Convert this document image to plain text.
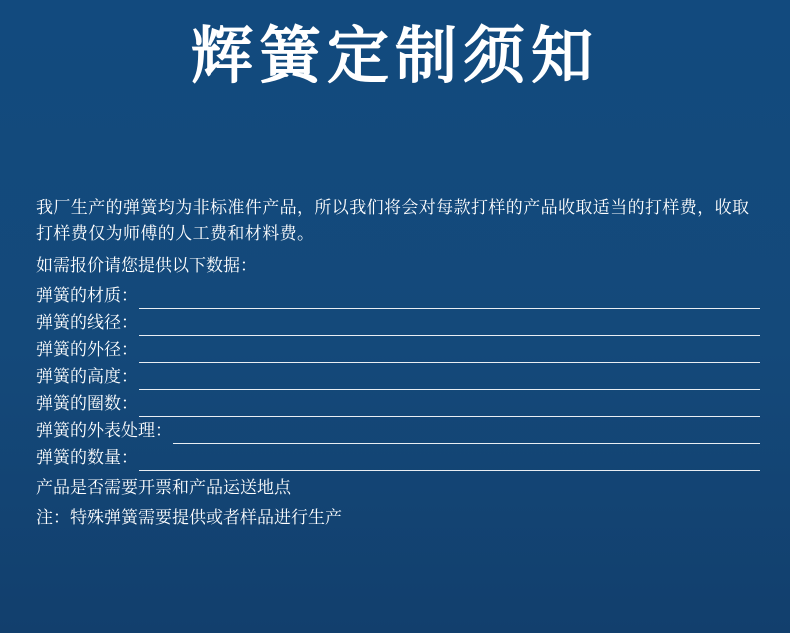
辉簧定制须知

我厂生产的弹簧均为非标准件产品，所以我们将会对每款打样的产品收取适当的打样费，收取打样费仅为师傅的人工费和材料费。

如需报价请您提供以下数据：

弹簧的材质：
弹簧的线径：
弹簧的外径：
弹簧的高度：
弹簧的圈数：
弹簧的外表处理：
弹簧的数量：

产品是否需要开票和产品运送地点

注：特殊弹簧需要提供或者样品进行生产
